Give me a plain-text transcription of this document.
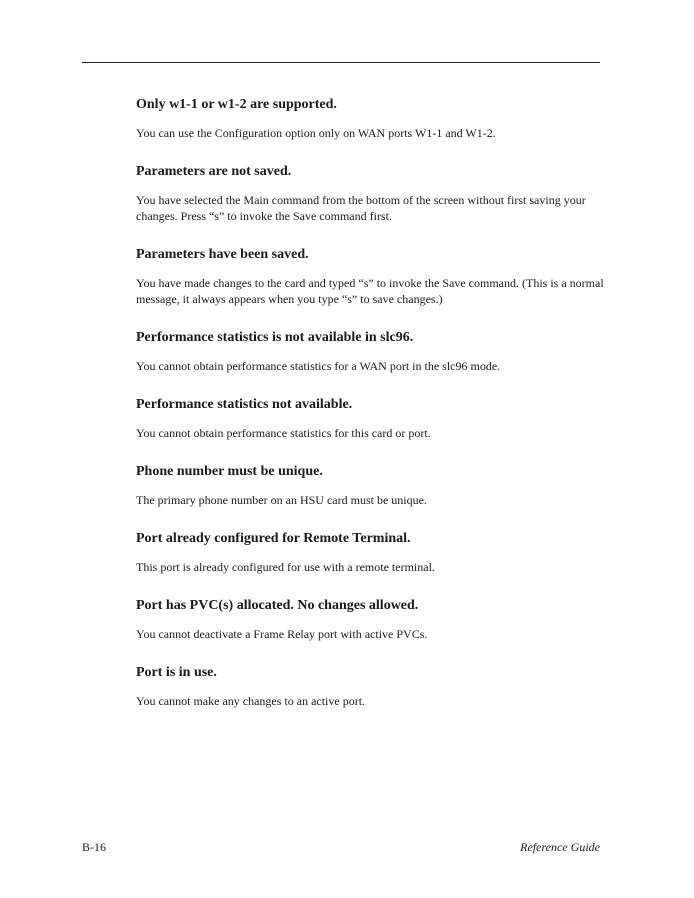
Only w1-1 or w1-2 are supported.

You can use the Configuration option only on WAN ports W1-1 and W1-2.

Parameters are not saved.

You have selected the Main command from the bottom of the screen without first saving your changes. Press “s” to invoke the Save command first.

Parameters have been saved.

You have made changes to the card and typed “s” to invoke the Save command. (This is a normal message, it always appears when you type “s” to save changes.)

Performance statistics is not available in slc96.

You cannot obtain performance statistics for a WAN port in the slc96 mode.

Performance statistics not available.

You cannot obtain performance statistics for this card or port.

Phone number must be unique.

The primary phone number on an HSU card must be unique.

Port already configured for Remote Terminal.

This port is already configured for use with a remote terminal.

Port has PVC(s) allocated. No changes allowed.

You cannot deactivate a Frame Relay port with active PVCs.

Port is in use.

You cannot make any changes to an active port.

B-16	Reference Guide
